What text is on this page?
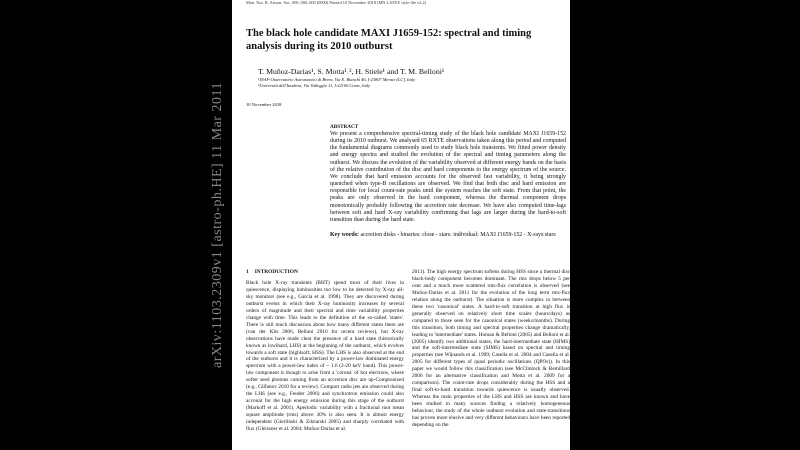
Mon. Not. R. Astron. Soc. 000, 000–000 (0000) Printed 10 November 2018 (MN LATEX style file v2.2)
The black hole candidate MAXI J1659-152: spectral and timing
analysis during its 2010 outburst

T. Muñoz-Darias¹, S. Motta¹˒², H. Stiele¹ and T. M. Belloni¹

¹INAF-Osservatorio Astronomico di Brera, Via E. Bianchi 46, I-23807 Merate (LC), Italy

²Università dell'Insubria, Via Valleggio 11, I-22100 Como, Italy

10 November 2018

ABSTRACT

We present a comprehensive spectral-timing study of the black hole candidate MAXI J1659-152 during its 2010 outburst. We analysed 65 RXTE observations taken along this period and computed the fundamental diagrams commonly used to study black hole transients. We fitted power density and energy spectra and studied the evolution of the spectral and timing parameters along the outburst. We discuss the evolution of the variability observed at different energy bands on the basis of the relative contribution of the disc and hard components to the energy spectrum of the source. We conclude that hard emission accounts for the observed fast variability, it being strongly quenched when type-B oscillations are observed. We find that both disc and hard emission are responsible for local count-rate peaks until the system reaches the soft state. From that point, the peaks are only observed in the hard component, whereas the thermal component drops monotonically probably following the accretion rate decrease. We have also computed time-lags between soft and hard X-ray variability confirming that lags are larger during the hard-to-soft transition than during the hard state.

Key words: accretion disks - binaries: close - stars: individual: MAXI J1659-152 - X-rays:stars

1 INTRODUCTION

Black hole X-ray transients (BHT) spend most of their lives in quiescence, displaying luminosities too low to be detected by X-ray all-sky monitors (see e.g., Garcia et al. 1998). They are discovered during outburst events in which their X-ray luminosity increases by several orders of magnitude and their spectral and time variability properties change with time. This leads to the definition of the so-called 'states'. There is still much discussion about how many different states there are (van der Klis 2006, Belloni 2010 for recent reviews), but X-ray observations have made clear the presence of a hard state (historically known as lowlhard, LHS) at the beginning of the outburst, which evolves towards a soft state (highlsoft; HSS). The LHS is also observed at the end of the outburst and it is characterized by a power-law dominated energy spectrum with a power-law index of ~ 1.6 (2-20 keV band). This power-law component is though to arise from a 'corona' of hot electrons, where softer seed photons coming from an accretion disc are up-Comptonized (e.g., Gilfanov 2010 for a review). Compact radio jets are observed during the LHS (see e.g., Fender 2006) and synchrotron emission could also account for the high energy emission during this stage of the outburst (Markoff et al. 2001). Aperiodic variability with a fractional root mean square amplitude (rms) above 30% is also seen. It is almost energy independent (Gierliński & Zdziarski 2005) and sharply correlated with flux (Gleissner et al. 2004; Muñoz-Darias et al.

2011). The high energy spectrum softens during HSS since a thermal disc black-body component becomes dominant. The rms drops below 5 per cent and a much more scattered rms-flux correlation is observed (see Muñoz-Darias et al. 2011 for the evolution of the long term rms-flux relation along the outburst). The situation is more complex in between these two 'canonical' states. A hard-to-soft transition at high flux is generally observed on relatively short time scales (hours/days) as compared to those seen for the canonical states (weeks/months). During this transition, both timing and spectral properties change dramatically, leading to 'intermediate' states. Homan & Belloni (2005) and Belloni et al. (2005) identify two additional states, the hard-intermediate state (HIMS) and the soft-intermediate state (SIMS) based on spectral and timing properties (see Wijnands et al. 1999; Casella et al. 2004 and Casella et al. 2005 for different types of quasi periodic oscillations (QPOs)). In this paper we would follow this classification (see McClintock & Remillard 2006 for an alternative classification and Motta et al. 2009 for a comparison). The count-rate drops considerably during the HSS and a final soft-to-hard transition towards quiescence is usually observed. Whereas the main properties of the LHS and HSS are known and have been studied in many sources finding a relatively homogeneous behaviour, the study of the whole outburst evolution and state-transitions has proven more elusive and very different behaviours have been reported depending on the

arXiv:1103.2309v1 [astro-ph.HE] 11 Mar 2011
